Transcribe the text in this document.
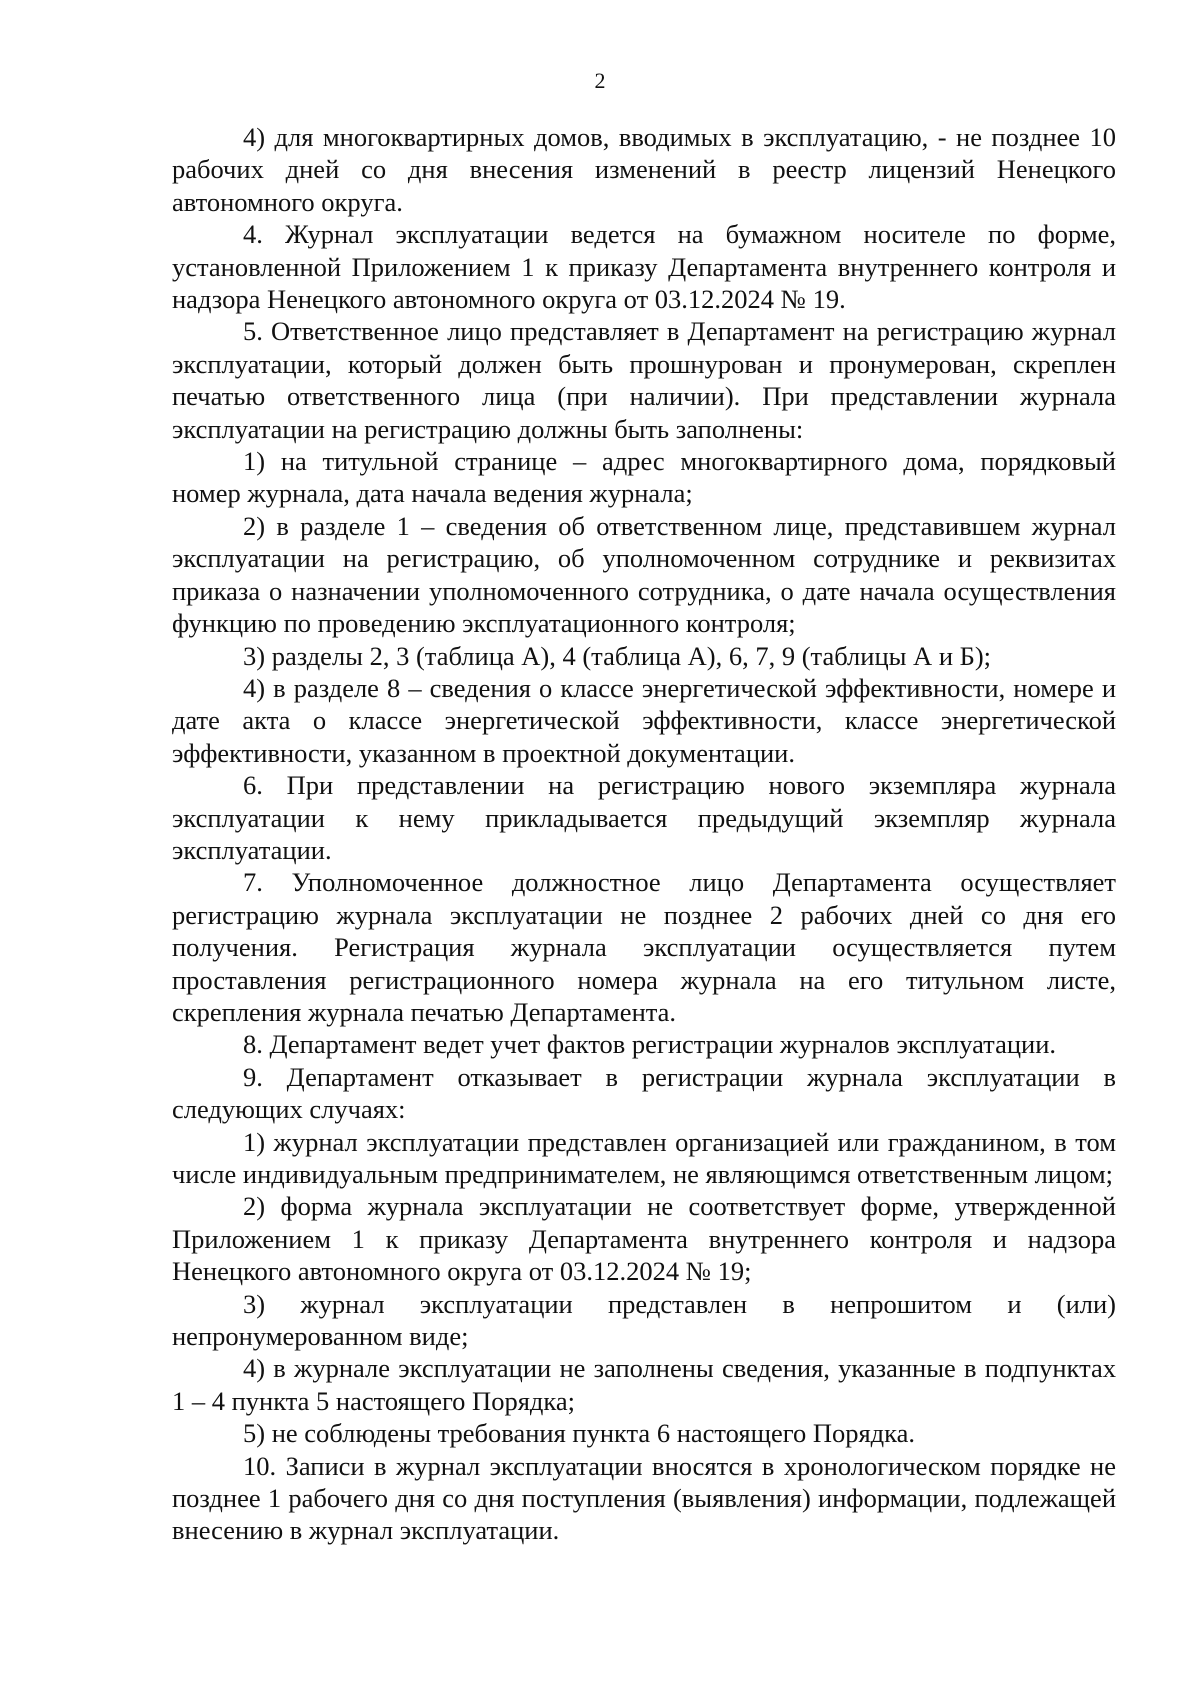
2

4) для многоквартирных домов, вводимых в эксплуатацию, - не позднее 10 рабочих дней со дня внесения изменений в реестр лицензий Ненецкого автономного округа.

4. Журнал эксплуатации ведется на бумажном носителе по форме, установленной Приложением 1 к приказу Департамента внутреннего контроля и надзора Ненецкого автономного округа от 03.12.2024 № 19.

5. Ответственное лицо представляет в Департамент на регистрацию журнал эксплуатации, который должен быть прошнурован и пронумерован, скреплен печатью ответственного лица (при наличии). При представлении журнала эксплуатации на регистрацию должны быть заполнены:

1) на титульной странице – адрес многоквартирного дома, порядковый номер журнала, дата начала ведения журнала;

2) в разделе 1 – сведения об ответственном лице, представившем журнал эксплуатации на регистрацию, об уполномоченном сотруднике и реквизитах приказа о назначении уполномоченного сотрудника, о дате начала осуществления функцию по проведению эксплуатационного контроля;

3) разделы 2, 3 (таблица А), 4 (таблица А), 6, 7, 9 (таблицы А и Б);

4) в разделе 8 – сведения о классе энергетической эффективности, номере и дате акта о классе энергетической эффективности, классе энергетической эффективности, указанном в проектной документации.

6. При представлении на регистрацию нового экземпляра журнала эксплуатации к нему прикладывается предыдущий экземпляр журнала эксплуатации.

7. Уполномоченное должностное лицо Департамента осуществляет регистрацию журнала эксплуатации не позднее 2 рабочих дней со дня его получения. Регистрация журнала эксплуатации осуществляется путем проставления регистрационного номера журнала на его титульном листе, скрепления журнала печатью Департамента.

8. Департамент ведет учет фактов регистрации журналов эксплуатации.

9. Департамент отказывает в регистрации журнала эксплуатации в следующих случаях:

1) журнал эксплуатации представлен организацией или гражданином, в том числе индивидуальным предпринимателем, не являющимся ответственным лицом;

2) форма журнала эксплуатации не соответствует форме, утвержденной Приложением 1 к приказу Департамента внутреннего контроля и надзора Ненецкого автономного округа от 03.12.2024 № 19;

3) журнал эксплуатации представлен в непрошитом и (или) непронумерованном виде;

4) в журнале эксплуатации не заполнены сведения, указанные в подпунктах 1 – 4 пункта 5 настоящего Порядка;

5) не соблюдены требования пункта 6 настоящего Порядка.

10. Записи в журнал эксплуатации вносятся в хронологическом порядке не позднее 1 рабочего дня со дня поступления (выявления) информации, подлежащей внесению в журнал эксплуатации.
